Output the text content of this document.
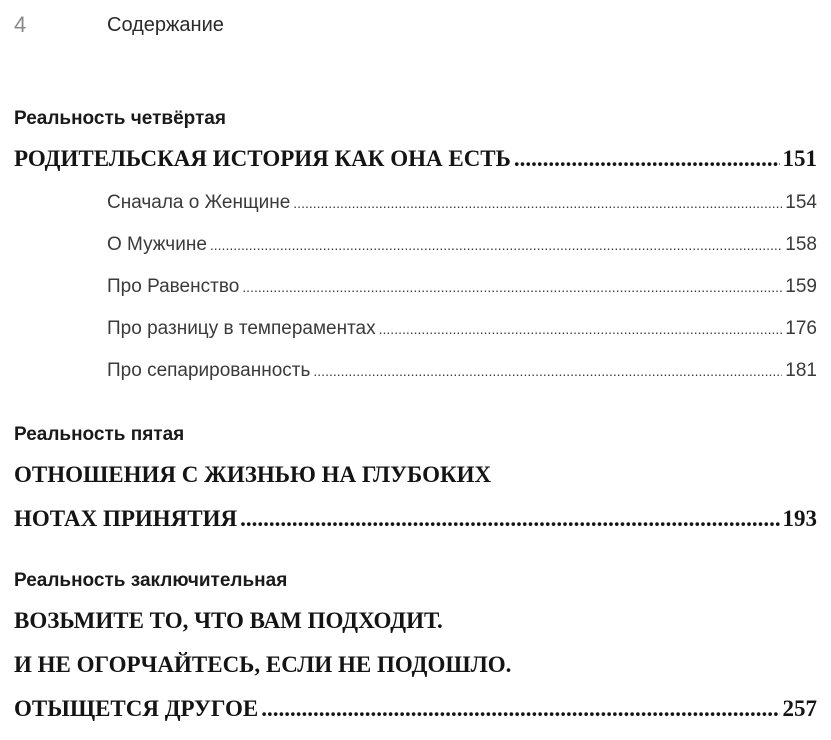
4	Содержание
Реальность четвёртая
РОДИТЕЛЬСКАЯ ИСТОРИЯ КАК ОНА ЕСТЬ .....	151
Сначала о Женщине .....	154
О Мужчине .....	158
Про Равенство .....	159
Про разницу в темпераментах .....	176
Про сепарированность .....	181
Реальность пятая
ОТНОШЕНИЯ С ЖИЗНЬЮ НА ГЛУБОКИХ
НОТАХ ПРИНЯТИЯ .....	193
Реальность заключительная
ВОЗЬМИТЕ ТО, ЧТО ВАМ ПОДХОДИТ.
И НЕ ОГОРЧАЙТЕСЬ, ЕСЛИ НЕ ПОДОШЛО.
ОТЫЩЕТСЯ ДРУГОЕ .....	257
